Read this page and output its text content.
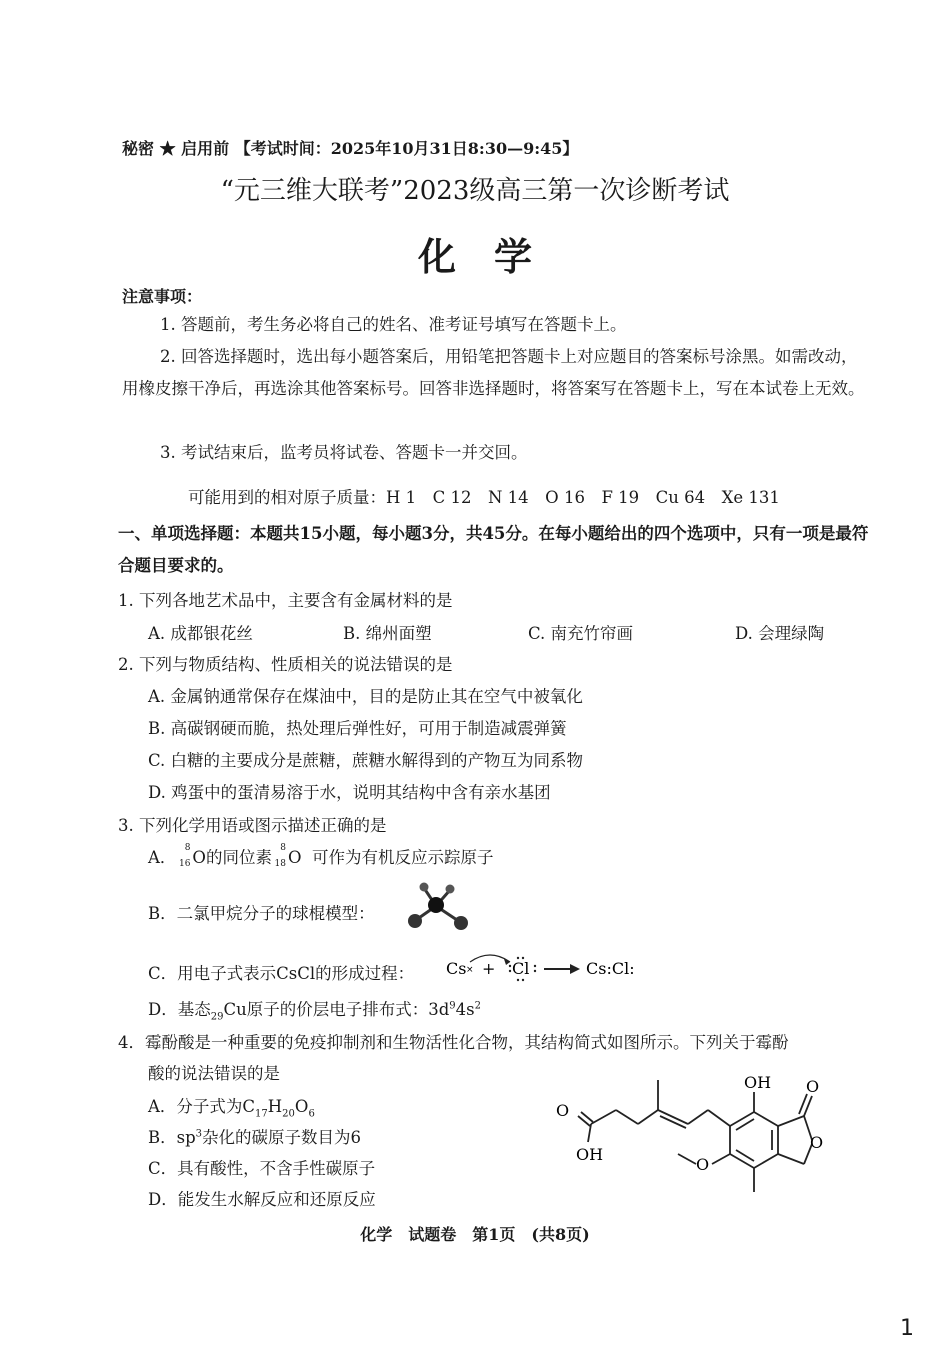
秘密 ★ 启用前 【考试时间：2025年10月31日8:30—9:45】
“元三维大联考”2023级高三第一次诊断考试
化学
注意事项：
1. 答题前，考生务必将自己的姓名、准考证号填写在答题卡上。
2. 回答选择题时，选出每小题答案后，用铅笔把答题卡上对应题目的答案标号涂黑。如需改动，用橡皮擦干净后，再选涂其他答案标号。回答非选择题时，将答案写在答题卡上，写在本试卷上无效。
3. 考试结束后，监考员将试卷、答题卡一并交回。
可能用到的相对原子质量：H 1　C 12　N 14　O 16　F 19　Cu 64　Xe 131
一、单项选择题：本题共15小题，每小题3分，共45分。在每小题给出的四个选项中，只有一项是最符合题目要求的。
1. 下列各地艺术品中，主要含有金属材料的是
A. 成都银花丝	B. 绵州面塑	C. 南充竹帘画	D. 会理绿陶
2. 下列与物质结构、性质相关的说法错误的是
A. 金属钠通常保存在煤油中，目的是防止其在空气中被氧化
B. 高碳钢硬而脆，热处理后弹性好，可用于制造减震弹簧
C. 白糖的主要成分是蔗糖，蔗糖水解得到的产物互为同系物
D. 鸡蛋中的蛋清易溶于水，说明其结构中含有亲水基团
3. 下列化学用语或图示描述正确的是
A． 8
16 O的同位素 8
18 O 可作为有机反应示踪原子
B．二氯甲烷分子的球棍模型：
C．用电子式表示CsCl的形成过程： Cs × + Cl	Cs:Cl:
D．基态$_{29}$Cu原子的价层电子排布式：$3d^94s^2$
4．霉酚酸是一种重要的免疫抑制剂和生物活性化合物，其结构简式如图所示。下列关于霉酚
酸的说法错误的是
A．分子式为$C_{17}H_{20}O_6$
B．$sp^3$杂化的碳原子数目为6
C．具有酸性，不含手性碳原子
D．能发生水解反应和还原反应
O
OH
OH O
O
O
化学　试题卷　第1页　(共8页)
1
